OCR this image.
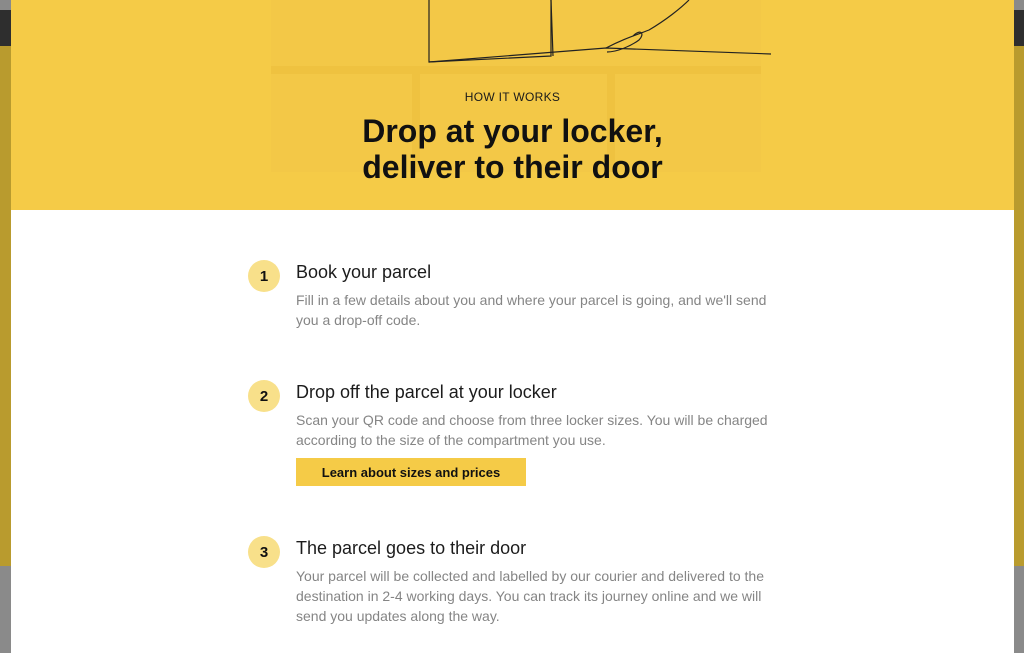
HOW IT WORKS
Drop at your locker,
deliver to their door
1	Book your parcel
Fill in a few details about you and where your parcel is going, and we'll send you a drop-off code.
2	Drop off the parcel at your locker
Scan your QR code and choose from three locker sizes. You will be charged according to the size of the compartment you use.
Learn about sizes and prices
3	The parcel goes to their door
Your parcel will be collected and labelled by our courier and delivered to the destination in 2-4 working days. You can track its journey online and we will send you updates along the way.
